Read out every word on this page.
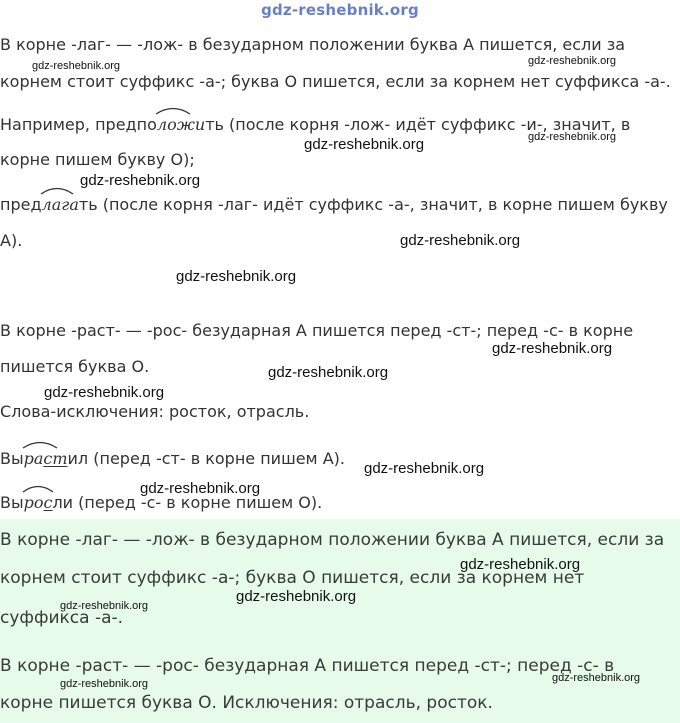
gdz-reshebnik.org
В корне -лаг- — -лож- в безударном положении буква А пишется, если за
корнем стоит суффикс -а-; буква О пишется, если за корнем нет суффикса -а-.
Например, предпо
ложить (после корня -лож- идёт суффикс -и-, значит, в
корне пишем букву О);
пред
лагать (после корня -лаг- идёт суффикс -а-, значит, в корне пишем букву
А).
В корне -раст- — -рос- безударная А пишется перед -ст-; перед -с- в корне
пишется буква О.
Слова-исключения: росток, отрасль.
Вы
растил (перед -ст- в корне пишем А).
Вы
росли (перед -с- в корне пишем О).
В корне -лаг- — -лож- в безударном положении буква А пишется, если за
корнем стоит суффикс -а-; буква О пишется, если за корнем нет
суффикса -а-.
В корне -раст- — -рос- безударная А пишется перед -ст-; перед -с- в
корне пишется буква О. Исключения: отрасль, росток.
gdz-reshebnik.org	gdz-reshebnik.org
gdz-reshebnik.org
gdz-reshebnik.org
gdz-reshebnik.org
gdz-reshebnik.org
gdz-reshebnik.org
gdz-reshebnik.org
gdz-reshebnik.org
gdz-reshebnik.org
gdz-reshebnik.org
gdz-reshebnik.org
gdz-reshebnik.org
gdz-reshebnik.org
gdz-reshebnik.org
gdz-reshebnik.org	gdz-reshebnik.org
